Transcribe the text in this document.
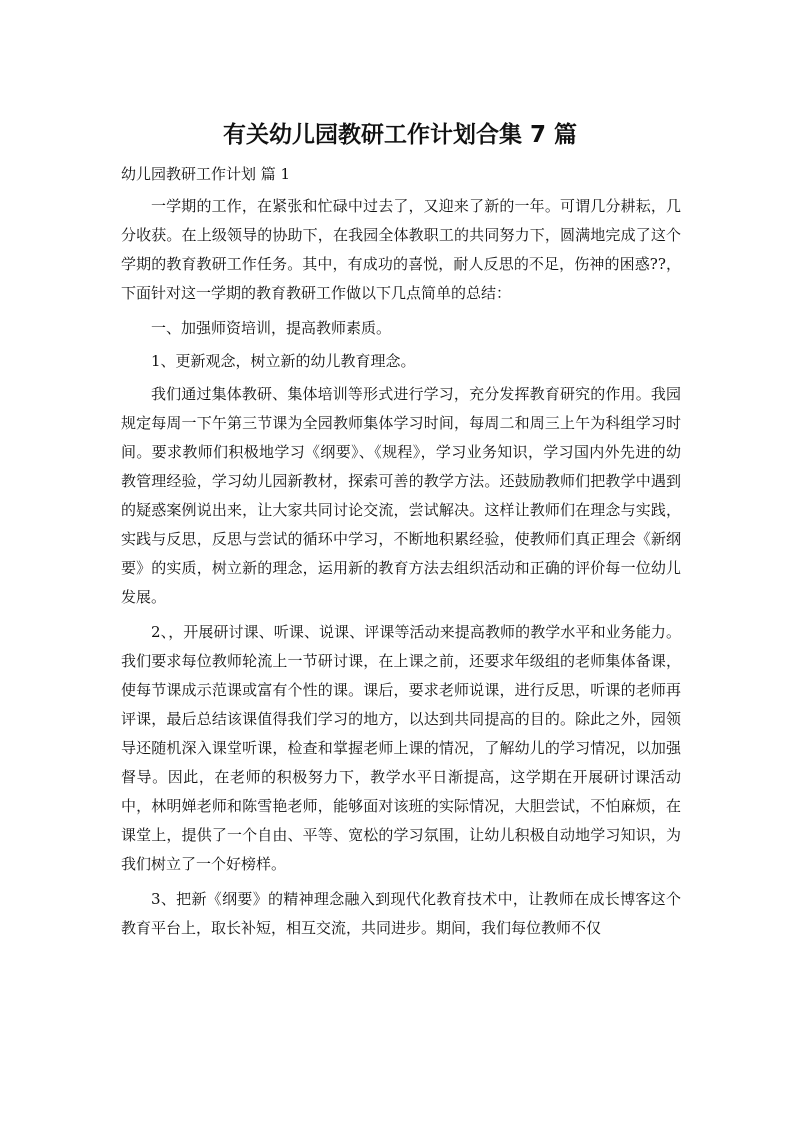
有关幼儿园教研工作计划合集 7 篇

幼儿园教研工作计划 篇 1

一学期的工作，在紧张和忙碌中过去了，又迎来了新的一年。可谓几分耕耘，几分收获。在上级领导的协助下，在我园全体教职工的共同努力下，圆满地完成了这个学期的教育教研工作任务。其中，有成功的喜悦，耐人反思的不足，伤神的困惑??，下面针对这一学期的教育教研工作做以下几点简单的总结：

一、加强师资培训，提高教师素质。

1、更新观念，树立新的幼儿教育理念。

我们通过集体教研、集体培训等形式进行学习，充分发挥教育研究的作用。我园规定每周一下午第三节课为全园教师集体学习时间，每周二和周三上午为科组学习时间。要求教师们积极地学习《纲要》、《规程》，学习业务知识，学习国内外先进的幼教管理经验，学习幼儿园新教材，探索可善的教学方法。还鼓励教师们把教学中遇到的疑惑案例说出来，让大家共同讨论交流，尝试解决。这样让教师们在理念与实践，实践与反思，反思与尝试的循环中学习，不断地积累经验，使教师们真正理会《新纲要》的实质，树立新的理念，运用新的教育方法去组织活动和正确的评价每一位幼儿发展。

2、，开展研讨课、听课、说课、评课等活动来提高教师的教学水平和业务能力。我们要求每位教师轮流上一节研讨课，在上课之前，还要求年级组的老师集体备课，使每节课成示范课或富有个性的课。课后，要求老师说课，进行反思，听课的老师再评课，最后总结该课值得我们学习的地方，以达到共同提高的目的。除此之外，园领导还随机深入课堂听课，检查和掌握老师上课的情况，了解幼儿的学习情况，以加强督导。因此，在老师的积极努力下，教学水平日渐提高，这学期在开展研讨课活动中，林明婵老师和陈雪艳老师，能够面对该班的实际情况，大胆尝试，不怕麻烦，在课堂上，提供了一个自由、平等、宽松的学习氛围，让幼儿积极自动地学习知识，为我们树立了一个好榜样。

3、把新《纲要》的精神理念融入到现代化教育技术中，让教师在成长博客这个教育平台上，取长补短，相互交流，共同进步。期间，我们每位教师不仅
